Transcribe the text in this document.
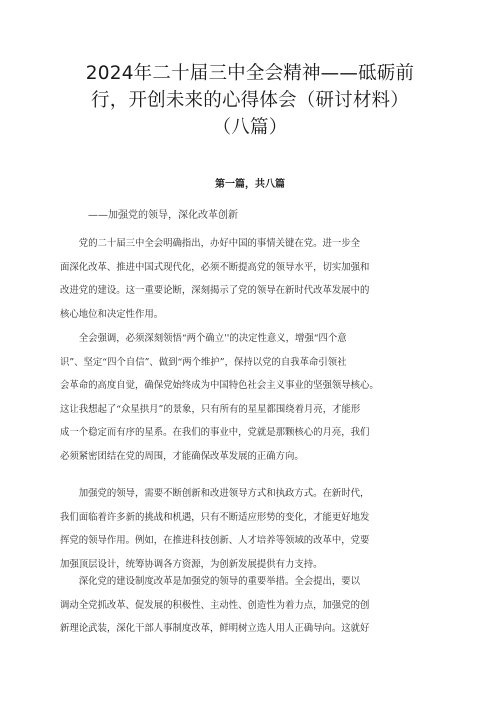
2024年二十届三中全会精神——砥砺前
行，开创未来的心得体会（研讨材料）
（八篇）
第一篇，共八篇
——加强党的领导，深化改革创新
　　党的二十届三中全会明确指出，办好中国的事情关键在党。进一步全
面深化改革、推进中国式现代化，必须不断提高党的领导水平，切实加强和
改进党的建设。这一重要论断，深刻揭示了党的领导在新时代改革发展中的
核心地位和决定性作用。
　　全会强调，必须深刻领悟“两个确立''的决定性意义，增强“四个意
识”、坚定“四个自信”、做到“两个维护”，保持以党的自我革命引领社
会革命的高度自觉，确保党始终成为中国特色社会主义事业的坚强领导核心。
这让我想起了“众星拱月”的景象，只有所有的星星都围绕着月亮，才能形
成一个稳定而有序的星系。在我们的事业中，党就是那颗核心的月亮，我们
必须紧密团结在党的周围，才能确保改革发展的正确方向。
　　加强党的领导，需要不断创新和改进领导方式和执政方式。在新时代，
我们面临着许多新的挑战和机遇，只有不断适应形势的变化，才能更好地发
挥党的领导作用。例如，在推进科技创新、人才培养等领域的改革中，党要
加强顶层设计，统筹协调各方资源，为创新发展提供有力支持。
　　深化党的建设制度改革是加强党的领导的重要举措。全会提出，要以
调动全党抓改革、促发展的积极性、主动性、创造性为着力点，加强党的创
新理论武装，深化干部人事制度改革，鲜明树立选人用人正确导向。这就好
